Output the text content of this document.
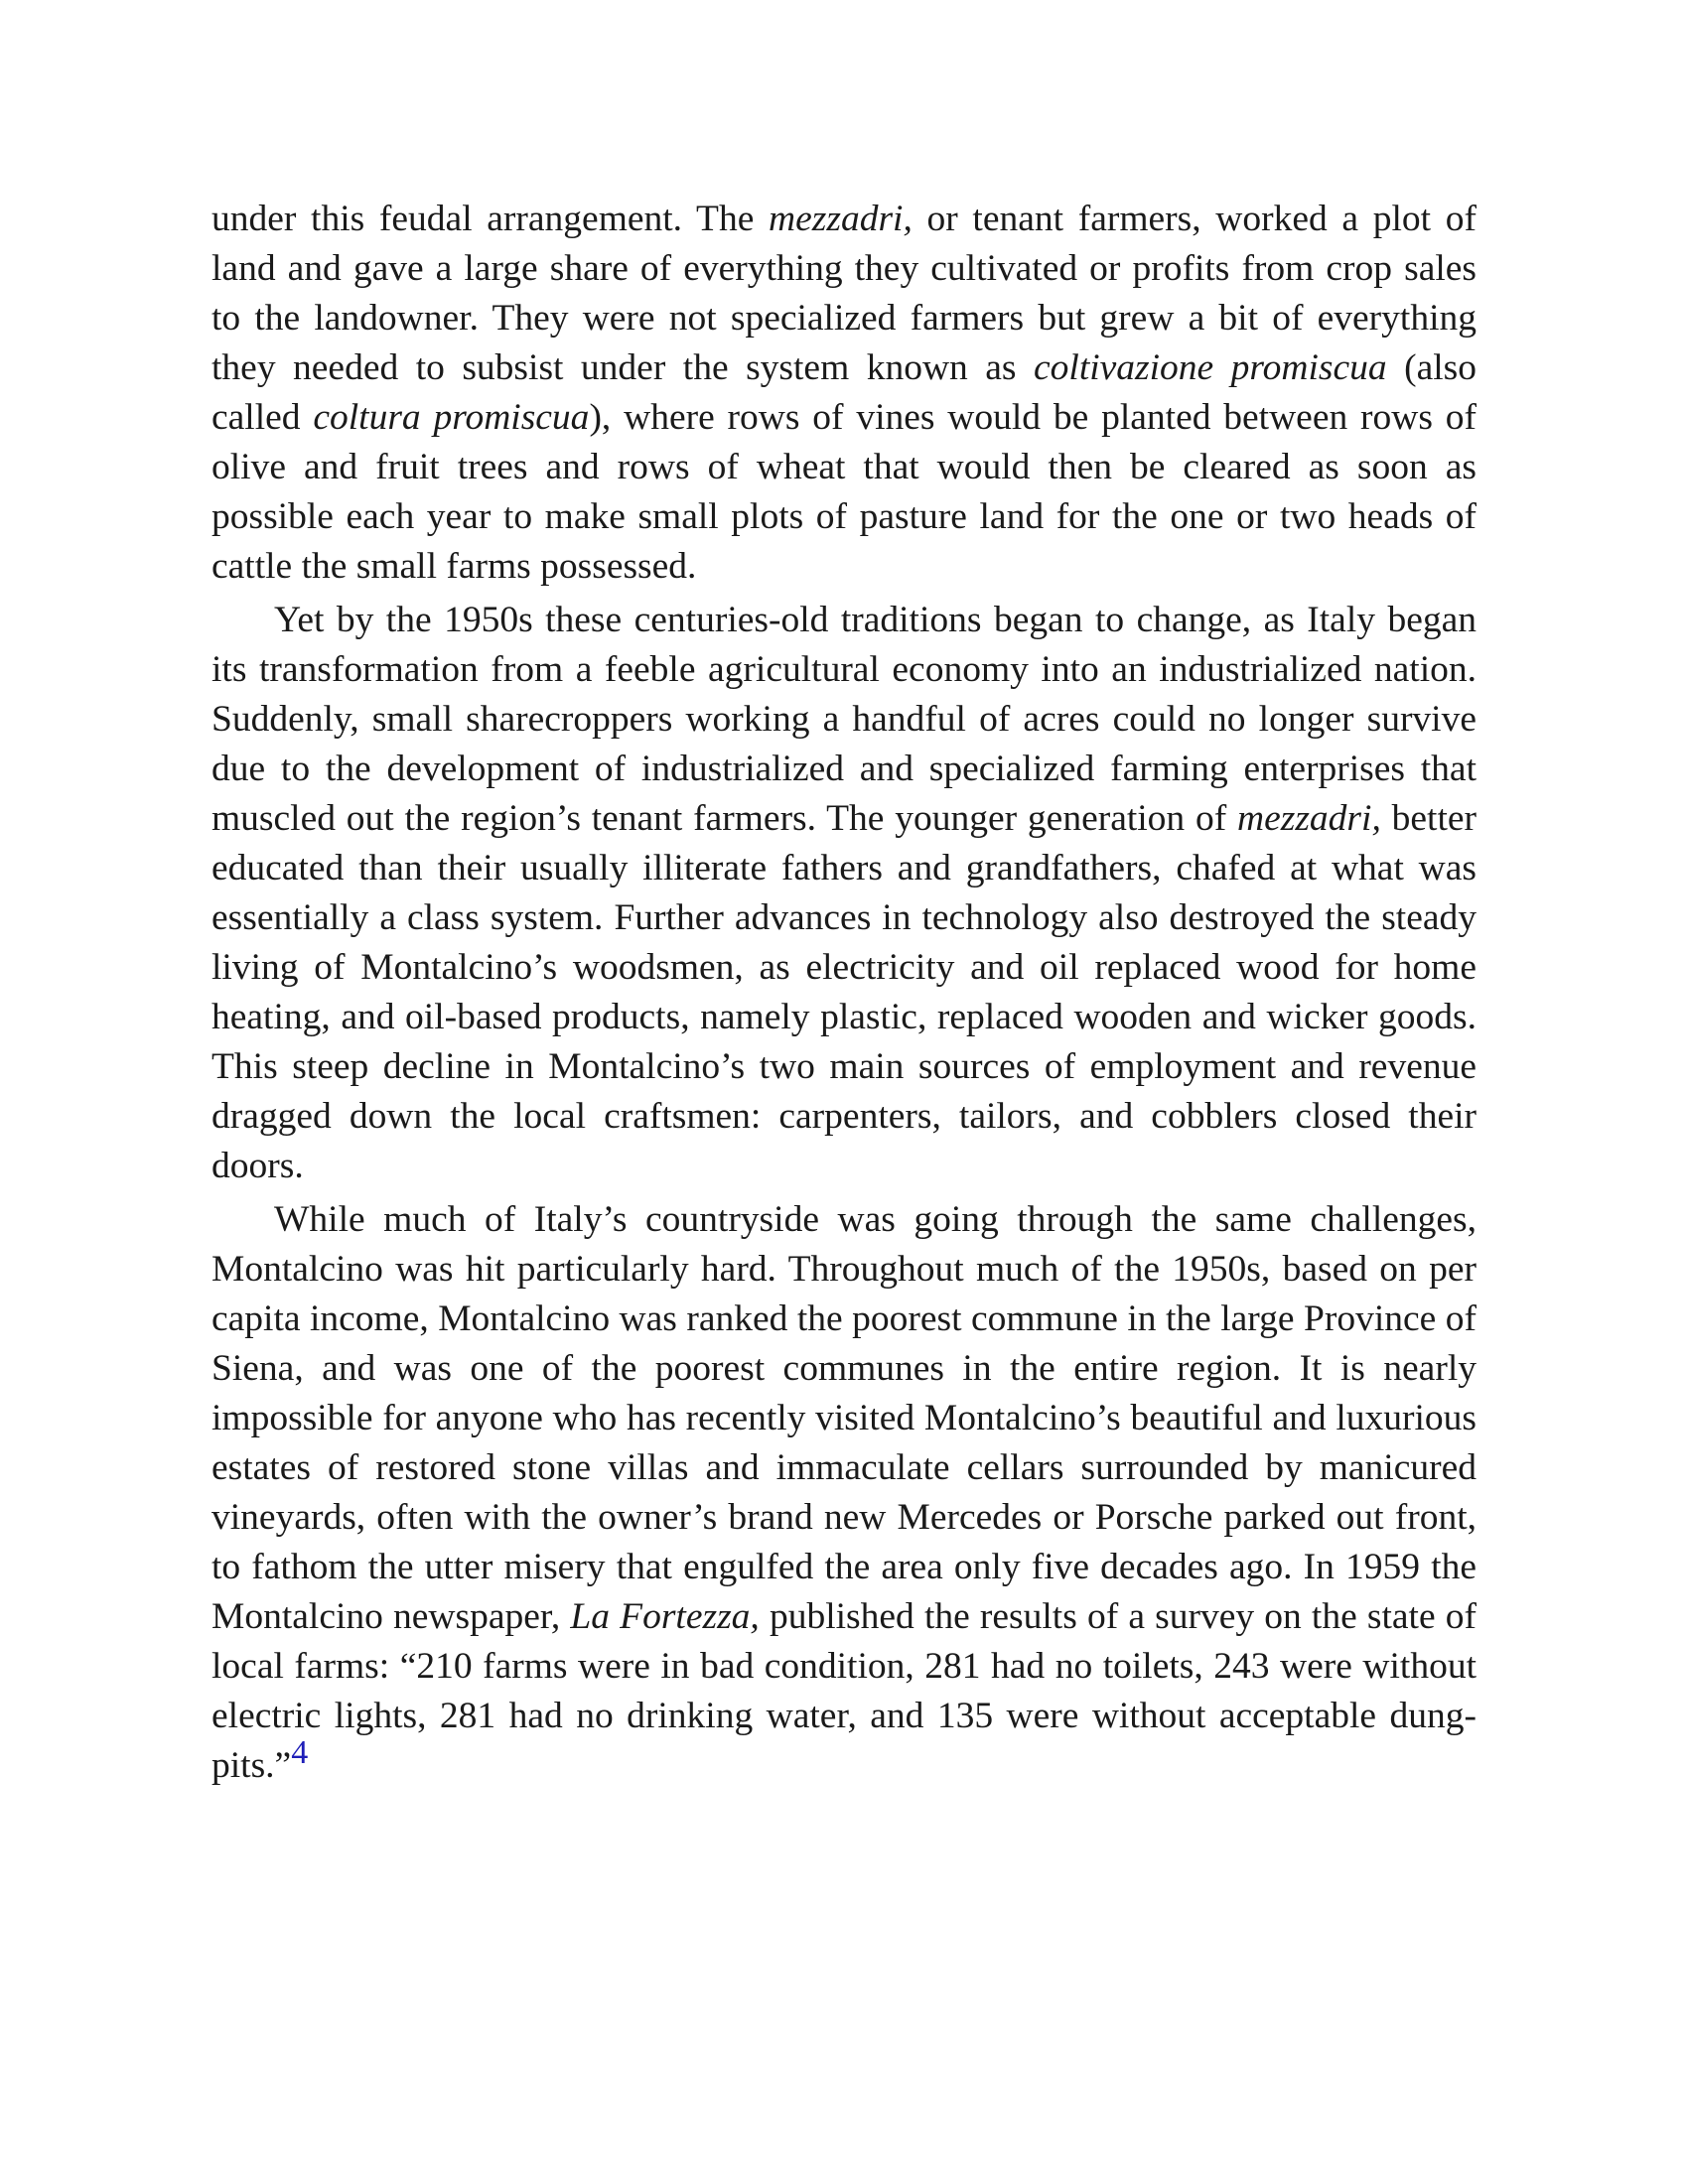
under this feudal arrangement. The mezzadri, or tenant farmers, worked a plot of land and gave a large share of everything they cultivated or profits from crop sales to the landowner. They were not specialized farmers but grew a bit of everything they needed to subsist under the system known as coltivazione promiscua (also called coltura promiscua), where rows of vines would be planted between rows of olive and fruit trees and rows of wheat that would then be cleared as soon as possible each year to make small plots of pasture land for the one or two heads of cattle the small farms possessed.

Yet by the 1950s these centuries-old traditions began to change, as Italy began its transformation from a feeble agricultural economy into an industrialized nation. Suddenly, small sharecroppers working a handful of acres could no longer survive due to the development of industrialized and specialized farming enterprises that muscled out the region’s tenant farmers. The younger generation of mezzadri, better educated than their usually illiterate fathers and grandfathers, chafed at what was essentially a class system. Further advances in technology also destroyed the steady living of Montalcino’s woodsmen, as electricity and oil replaced wood for home heating, and oil-based products, namely plastic, replaced wooden and wicker goods. This steep decline in Montalcino’s two main sources of employment and revenue dragged down the local craftsmen: carpenters, tailors, and cobblers closed their doors.

While much of Italy’s countryside was going through the same challenges, Montalcino was hit particularly hard. Throughout much of the 1950s, based on per capita income, Montalcino was ranked the poorest commune in the large Province of Siena, and was one of the poorest communes in the entire region. It is nearly impossible for anyone who has recently visited Montalcino’s beautiful and luxurious estates of restored stone villas and immaculate cellars surrounded by manicured vineyards, often with the owner’s brand new Mercedes or Porsche parked out front, to fathom the utter misery that engulfed the area only five decades ago. In 1959 the Montalcino newspaper, La Fortezza, published the results of a survey on the state of local farms: “210 farms were in bad condition, 281 had no toilets, 243 were without electric lights, 281 had no drinking water, and 135 were without acceptable dung-pits.”4
